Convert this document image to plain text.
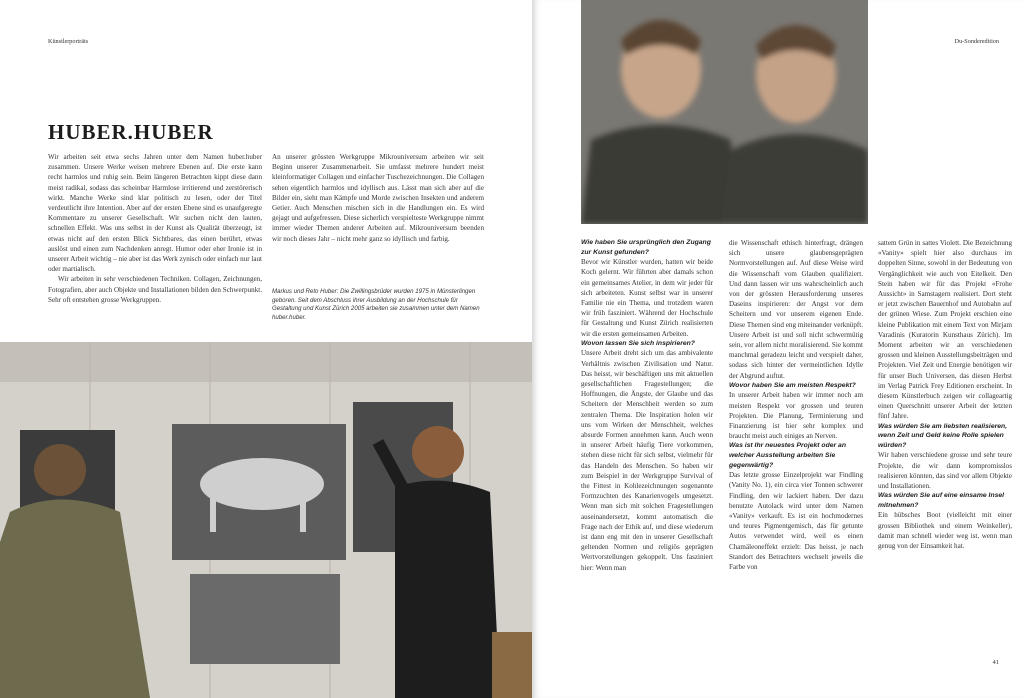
Künstlerporträts
HUBER.HUBER

Wir arbeiten seit etwa sechs Jahren unter dem Namen huber.huber zusammen. Unsere Werke weisen mehrere Ebenen auf. Die erste kann recht harmlos und ruhig sein. Beim längeren Betrachten kippt diese dann meist radikal, sodass das scheinbar Harmlose irritierend und zerstörerisch wirkt. Manche Werke sind klar politisch zu lesen, oder der Titel verdeutlicht ihre Intention. Aber auf der ersten Ebene sind es unaufgeregte Kommentare zu unserer Gesellschaft. Wir suchen nicht den lauten, schnellen Effekt. Was uns selbst in der Kunst als Qualität überzeugt, ist etwas nicht auf den ersten Blick Sichtbares, das einen berührt, etwas auslöst und einen zum Nachdenken anregt. Humor oder eher Ironie ist in unserer Arbeit wichtig – nie aber ist das Werk zynisch oder einfach nur laut oder martialisch.

Wir arbeiten in sehr verschiedenen Techniken. Collagen, Zeichnungen, Fotografien, aber auch Objekte und Installationen bilden den Schwerpunkt. Sehr oft entstehen grosse Werkgruppen.

An unserer grössten Werkgruppe Mikrouniversum arbeiten wir seit Beginn unserer Zusammenarbeit. Sie umfasst mehrere hundert meist kleinformatiger Collagen und einfacher Tuschezeichnungen. Die Collagen sehen eigentlich harmlos und idyllisch aus. Lässt man sich aber auf die Bilder ein, sieht man Kämpfe und Morde zwischen Insekten und anderem Getier. Auch Menschen mischen sich in die Handlungen ein. Es wird gejagt und aufgefressen. Diese sicherlich verspielteste Werkgruppe nimmt immer wieder Themen anderer Arbeiten auf. Mikrouniversum beenden wir noch dieses Jahr – nicht mehr ganz so idyllisch und farbig.

Markus und Reto Huber: Die Zwillingsbrüder wurden 1975 in Münsterlingen geboren. Seit dem Abschluss ihrer Ausbildung an der Hochschule für Gestaltung und Kunst Zürich 2005 arbeiten sie zusammen unter dem Namen huber.huber.
Du-Sonderedition

Wie haben Sie ursprünglich den Zugang zur Kunst gefunden?

Bevor wir Künstler wurden, hatten wir beide Koch gelernt. Wir führten aber damals schon ein gemeinsames Atelier, in dem wir jeder für sich arbeiteten. Kunst selbst war in unserer Familie nie ein Thema, und trotzdem waren wir früh fasziniert. Während der Hochschule für Gestaltung und Kunst Zürich realisierten wir die ersten gemeinsamen Arbeiten.

Wovon lassen Sie sich inspirieren?

Unsere Arbeit dreht sich um das ambivalente Verhältnis zwischen Zivilisation und Natur. Das heisst, wir beschäftigen uns mit aktuellen gesellschaftlichen Fragestellungen; die Hoffnungen, die Ängste, der Glaube und das Scheitern der Menschheit werden so zum zentralen Thema. Die Inspiration holen wir uns vom Wirken der Menschheit, welches absurde Formen annehmen kann. Auch wenn in unserer Arbeit häufig Tiere vorkommen, stehen diese nicht für sich selbst, vielmehr für das Handeln des Menschen. So haben wir zum Beispiel in der Werkgruppe Survival of the Fittest in Kohlezeichnungen sogenannte Formzuchten des Kanarienvogels umgesetzt. Wenn man sich mit solchen Fragestellungen auseinandersetzt, kommt automatisch die Frage nach der Ethik auf, und diese wiederum ist dann eng mit den in unserer Gesellschaft geltenden Normen und religiös geprägten Wertvorstellungen gekoppelt. Uns fasziniert hier: Wenn man

die Wissenschaft ethisch hinterfragt, drängen sich unsere glaubensgeprägten Normvorstellungen auf. Auf diese Weise wird die Wissenschaft vom Glauben qualifiziert. Und dann lassen wir uns wahrscheinlich auch von der grössten Herausforderung unseres Daseins inspirieren: der Angst vor dem Scheitern und vor unserem eigenen Ende. Diese Themen sind eng miteinander verknüpft. Unsere Arbeit ist und soll nicht schwermütig sein, vor allem nicht moralisierend. Sie kommt manchmal geradezu leicht und verspielt daher, sodass sich hinter der vermeintlichen Idylle der Abgrund auftut.

Wovor haben Sie am meisten Respekt?

In unserer Arbeit haben wir immer noch am meisten Respekt vor grossen und teuren Projekten. Die Planung, Terminierung und Finanzierung ist hier sehr komplex und braucht meist auch einiges an Nerven.

Was ist Ihr neuestes Projekt oder an welcher Ausstellung arbeiten Sie gegenwärtig?

Das letzte grosse Einzelprojekt war Findling (Vanity No. 1), ein circa vier Tonnen schwerer Findling, den wir lackiert haben. Der dazu benutzte Autolack wird unter dem Namen «Vanity» verkauft. Es ist ein hochmodernes und teures Pigmentgemisch, das für getunte Autos verwendet wird, weil es einen Chamäleoneffekt erzielt: Das heisst, je nach Standort des Betrachters wechselt jeweils die Farbe von

sattem Grün in sattes Violett. Die Bezeichnung «Vanity» spielt hier also durchaus im doppelten Sinne, sowohl in der Bedeutung von Vergänglichkeit wie auch von Eitelkeit. Den Stein haben wir für das Projekt «Frohe Aussicht» in Samstagern realisiert. Dort steht er jetzt zwischen Bauernhof und Autobahn auf der grünen Wiese. Zum Projekt erschien eine kleine Publikation mit einem Text von Mirjam Varadinis (Kuratorin Kunsthaus Zürich). Im Moment arbeiten wir an verschiedenen grossen und kleinen Ausstellungsbeiträgen und Projekten. Viel Zeit und Energie benötigen wir für unser Buch Universen, das diesen Herbst im Verlag Patrick Frey Editionen erscheint. In diesem Künstlerbuch zeigen wir collageartig einen Querschnitt unserer Arbeit der letzten fünf Jahre.

Was würden Sie am liebsten realisieren, wenn Zeit und Geld keine Rolle spielen würden?

Wir haben verschiedene grosse und sehr teure Projekte, die wir dann kompromisslos realisieren könnten, das sind vor allem Objekte und Installationen.

Was würden Sie auf eine einsame Insel mitnehmen?

Ein hübsches Boot (vielleicht mit einer grossen Bibliothek und einem Weinkeller), damit man schnell wieder weg ist, wenn man genug von der Einsamkeit hat.

41
